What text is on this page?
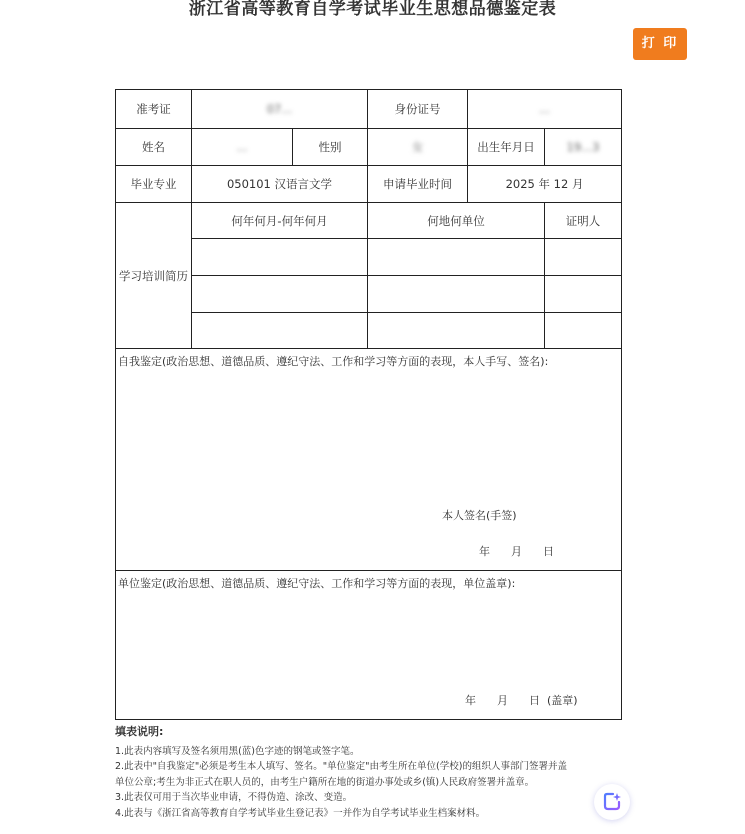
浙江省高等教育自学考试毕业生思想品德鉴定表
打 印
准考证	07...		身份证号	...	
姓名	...	性别	女	出生年月日	19...3
毕业专业	050101 汉语言文学		申请毕业时间	2025 年 12 月	
学习培训简历	何年何月-何年何月		何地何单位		证明人

自我鉴定(政治思想、道德品质、遵纪守法、工作和学习等方面的表现，本人手写、签名):
本人签名(手签)
年      月      日					

单位鉴定(政治思想、道德品质、遵纪守法、工作和学习等方面的表现，单位盖章):
年      月      日  (盖章)					
填表说明:

1.此表内容填写及签名须用黑(蓝)色字迹的钢笔或签字笔。

2.此表中"自我鉴定"必须是考生本人填写、签名。"单位鉴定"由考生所在单位(学校)的组织人事部门签署并盖

单位公章;考生为非正式在职人员的，由考生户籍所在地的街道办事处或乡(镇)人民政府签署并盖章。

3.此表仅可用于当次毕业申请，不得伪造、涂改、变造。

4.此表与《浙江省高等教育自学考试毕业生登记表》一并作为自学考试毕业生档案材料。
